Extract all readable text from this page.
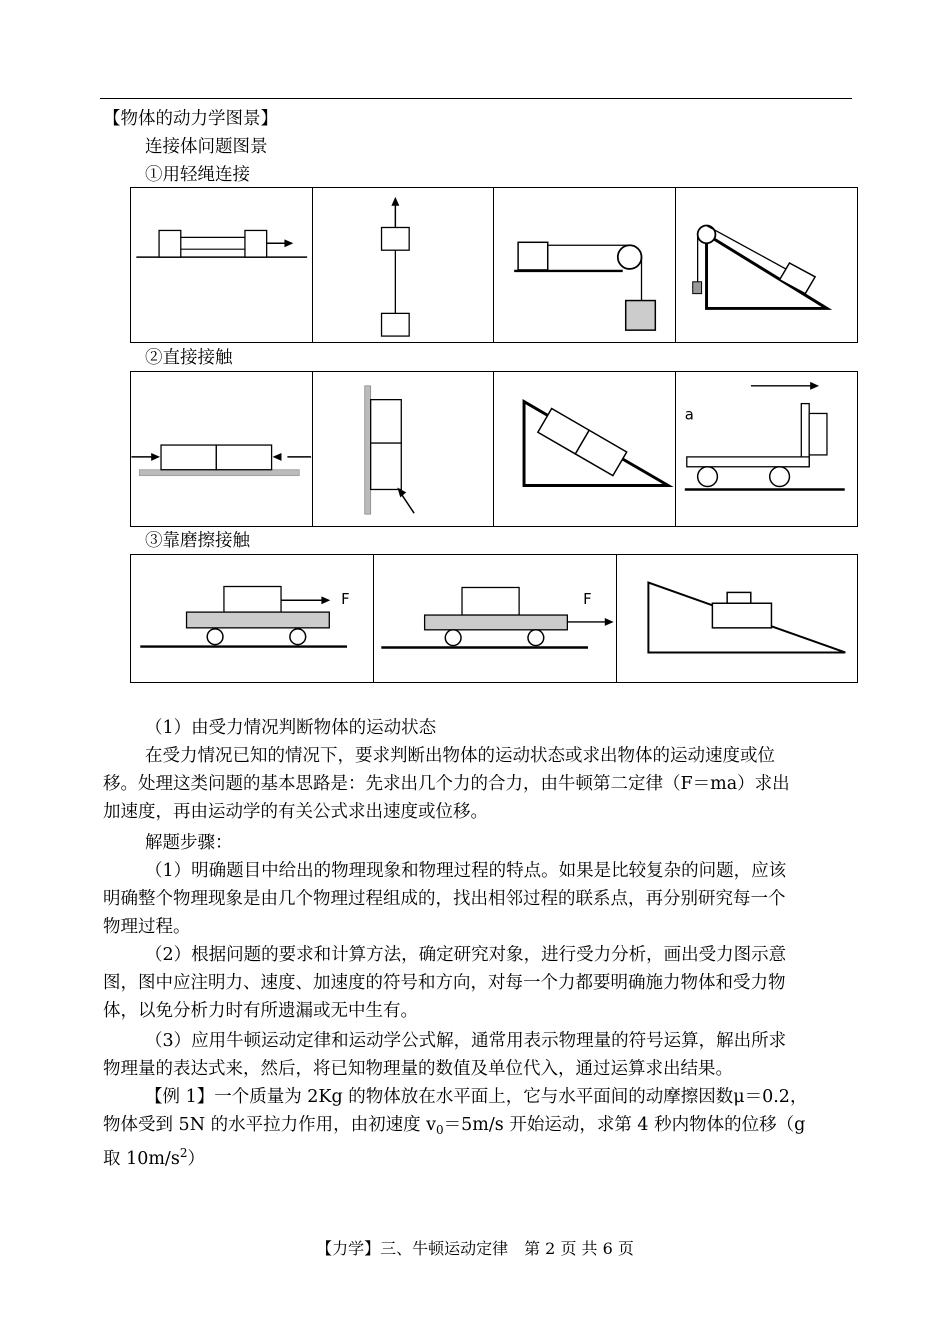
【物体的动力学图景】
连接体问题图景
①用轻绳连接
②直接接触
a
③靠磨擦接触
F	F
（1）由受力情况判断物体的运动状态
在受力情况已知的情况下，要求判断出物体的运动状态或求出物体的运动速度或位
移。处理这类问题的基本思路是：先求出几个力的合力，由牛顿第二定律（F＝ma）求出
加速度，再由运动学的有关公式求出速度或位移。
解题步骤：
（1）明确题目中给出的物理现象和物理过程的特点。如果是比较复杂的问题，应该
明确整个物理现象是由几个物理过程组成的，找出相邻过程的联系点，再分别研究每一个
物理过程。
（2）根据问题的要求和计算方法，确定研究对象，进行受力分析，画出受力图示意
图，图中应注明力、速度、加速度的符号和方向，对每一个力都要明确施力物体和受力物
体，以免分析力时有所遗漏或无中生有。
（3）应用牛顿运动定律和运动学公式解，通常用表示物理量的符号运算，解出所求
物理量的表达式来，然后，将已知物理量的数值及单位代入，通过运算求出结果。
【例 1】一个质量为 2Kg 的物体放在水平面上，它与水平面间的动摩擦因数μ＝0.2，
物体受到 5N 的水平拉力作用，由初速度 $v_0=5m/s$ 开始运动，求第 4 秒内物体的位移（g
取 $10m/s^2$）
【力学】三、牛顿运动定律　第 2 页 共 6 页
